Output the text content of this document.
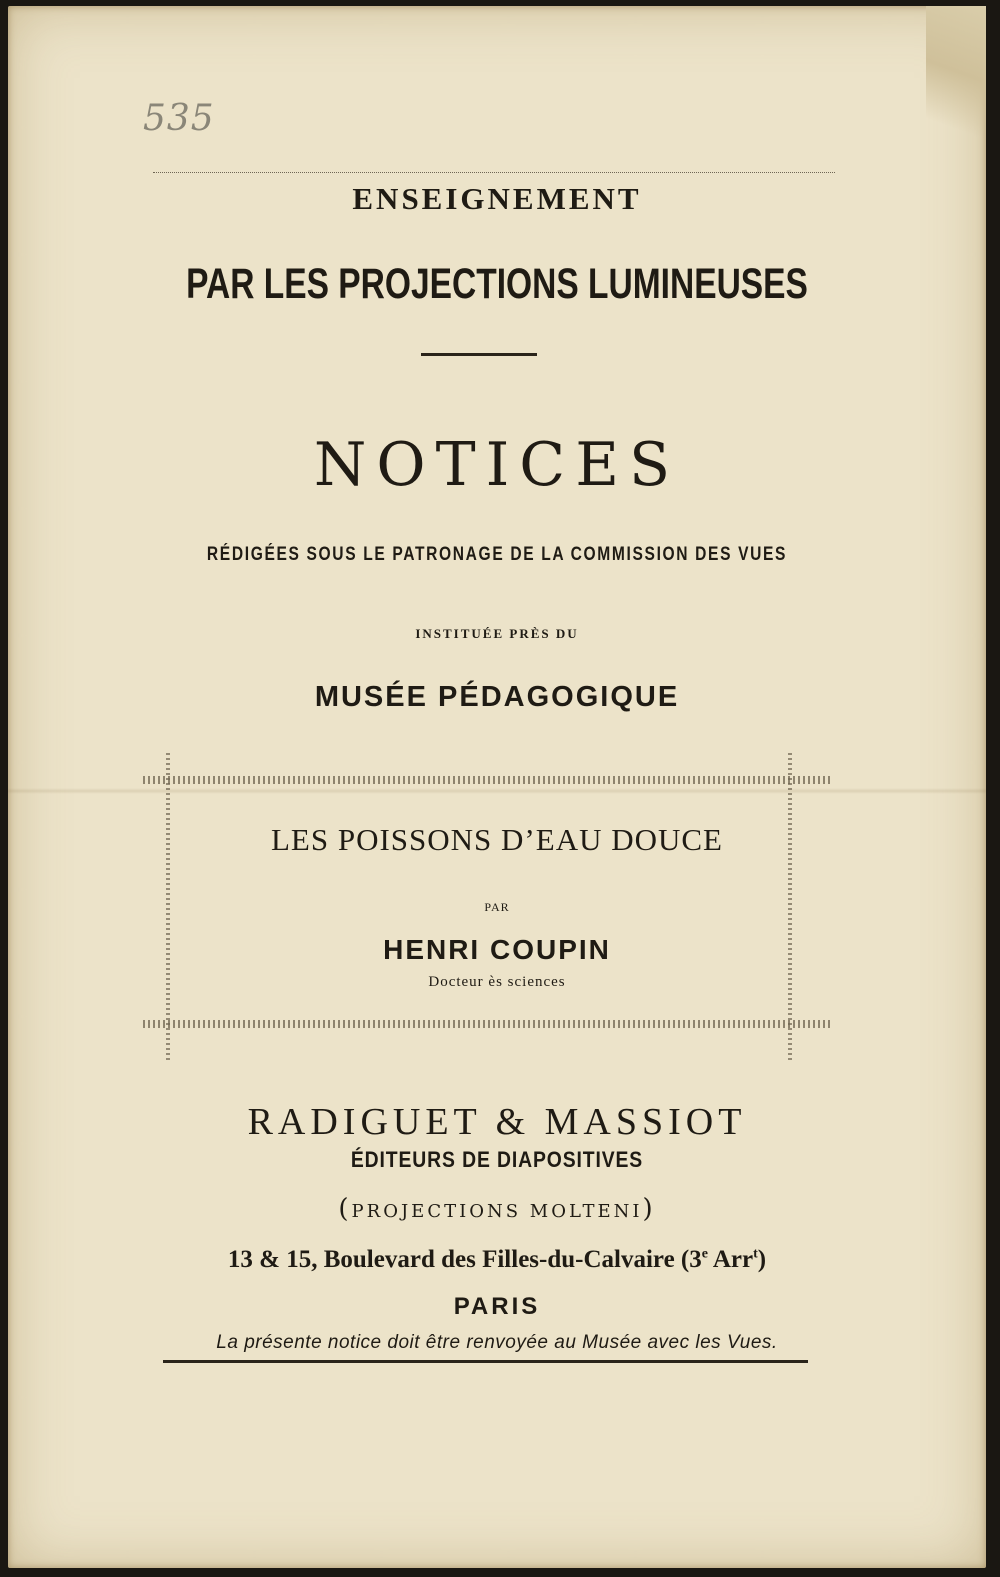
535
ENSEIGNEMENT
PAR LES PROJECTIONS LUMINEUSES
NOTICES
RÉDIGÉES SOUS LE PATRONAGE DE LA COMMISSION DES VUES
INSTITUÉE PRÈS DU
MUSÉE PÉDAGOGIQUE
LES POISSONS D’EAU DOUCE
PAR
HENRI COUPIN
Docteur ès sciences
RADIGUET & MASSIOT
ÉDITEURS DE DIAPOSITIVES
(PROJECTIONS MOLTENI)
13 & 15, Boulevard des Filles-du-Calvaire (3e Arr$^t$)
PARIS
La présente notice doit être renvoyée au Musée avec les Vues.
